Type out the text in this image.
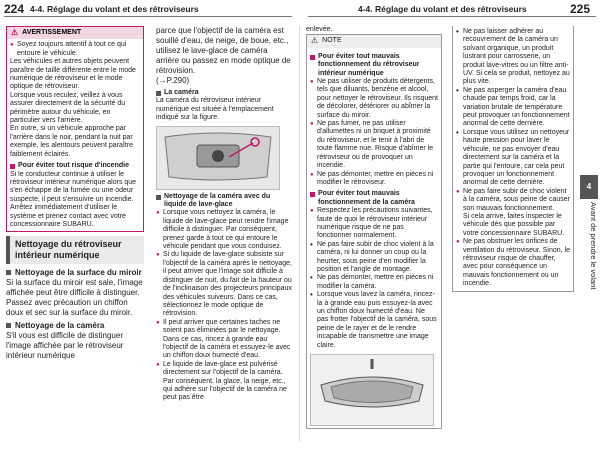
224 4-4. Réglage du volant et des rétroviseurs	4-4. Réglage du volant et des rétroviseurs	225
⚠ AVERTISSEMENT

● Soyez toujours attentif à tout ce qui entoure le véhicule.

Les véhicules et autres objets peuvent paraître de taille différente entre le mode numérique de rétroviseur et le mode optique de rétroviseur.

Lorsque vous reculez, veillez à vous assurer directement de la sécurité du périmètre autour du véhicule, en particulier vers l'arrière.

En outre, si un véhicule approche par l'arrière dans le noir, pendant la nuit par exemple, les alentours peuvent paraître faiblement éclairés.

Pour éviter tout risque d'incendie

Si le conducteur continue à utiliser le rétroviseur intérieur numérique alors que s'en échappe de la fumée ou une odeur suspecte, il peut s'ensuivre un incendie. Arrêtez immédiatement d'utiliser le système et prenez contact avec votre concessionnaire SUBARU.

Nettoyage du rétroviseur intérieur numérique
Nettoyage de la surface du miroir

Si la surface du miroir est sale, l'image affichée peut être difficile à distinguer.

Passez avec précaution un chiffon doux et sec sur la surface du miroir.

Nettoyage de la caméra

S'il vous est difficile de distinguer l'image affichée par le rétroviseur intérieur numérique

parce que l'objectif de la caméra est souillé d'eau, de neige, de boue, etc., utilisez le lave-glace de caméra arrière ou passez en mode optique de rétrovision.

(→P.290)

La caméra

La caméra du rétroviseur intérieur numérique est située à l'emplacement indiqué sur la figure.

Nettoyage de la caméra avec du liquide de lave-glace

● Lorsque vous nettoyez la caméra, le liquide de lave-glace peut rendre l'image difficile à distinguer. Par conséquent, prenez garde à tout ce qui entoure le véhicule pendant que vous conduisez.

● Si du liquide de lave-glace subsiste sur l'objectif de la caméra après le nettoyage, il peut arriver que l'image soit difficile à distinguer de nuit, du fait de la hauteur ou de l'inclinaison des projecteurs principaux des véhicules suiveurs. Dans ce cas, sélectionnez le mode optique de rétrovision.

● Il peut arriver que certaines taches ne soient pas éliminées par le nettoyage. Dans ce cas, rincez à grande eau l'objectif de la caméra et essuyez-le avec un chiffon doux humecté d'eau.

● Le liquide de lave-glace est pulvérisé directement sur l'objectif de la caméra. Par conséquent, la glace, la neige, etc., qui adhère sur l'objectif de la caméra ne peut pas être

enlevée.

⚠ NOTE
Pour éviter tout mauvais fonctionnement du rétroviseur intérieur numérique

● Ne pas utiliser de produits détergents, tels que diluants, benzène et alcool, pour nettoyer le rétroviseur. Ils risquent de décolorer, détériorer ou abîmer la surface du miroir.

● Ne pas fumer, ne pas utiliser d'allumettes ni un briquet à proximité du rétroviseur, et le tenir à l'abri de toute flamme nue. Risque d'abîmer le rétroviseur ou de provoquer un incendie.

● Ne pas démonter, mettre en pièces ni modifier le rétroviseur.

Pour éviter tout mauvais fonctionnement de la caméra

● Respectez les précautions suivantes, faute de quoi le rétroviseur intérieur numérique risque de ne pas fonctionner normalement.

• Ne pas faire subir de choc violent à la caméra, ni lui donner un coup ou la heurter, sous peine d'en modifier la position et l'angle de montage.

• Ne pas démonter, mettre en pièces ni modifier la caméra.

• Lorsque vous lavez la caméra, rincez-la à grande eau puis essuyez-la avec un chiffon doux humecté d'eau. Ne pas frotter l'objectif de la caméra, sous peine de le rayer et de le rendre incapable de transmettre une image claire.

• Ne pas laisser adhérer au recouvrement de la caméra un solvant organique, un produit lustrant pour carrosserie, un produit lave-vitres ou un filtre anti-UV. Si cela se produit, nettoyez au plus vite.

• Ne pas asperger la caméra d'eau chaude par temps froid, car la variation brutale de température peut provoquer un fonctionnement anormal de cette dernière.

• Lorsque vous utilisez un nettoyeur haute pression pour laver le véhicule, ne pas envoyer d'eau directement sur la caméra et la partie qui l'entoure, car cela peut provoquer un fonctionnement anormal de cette dernière.

● Ne pas faire subir de choc violent à la caméra, sous peine de causer son mauvais fonctionnement.

Si cela arrive, faites inspecter le véhicule dès que possible par votre concessionnaire SUBARU.

● Ne pas obstruer les orifices de ventilation du rétroviseur. Sinon, le rétroviseur risque de chauffer, avec pour conséquence un mauvais fonctionnement ou un incendie.

4
Avant de prendre le volant
